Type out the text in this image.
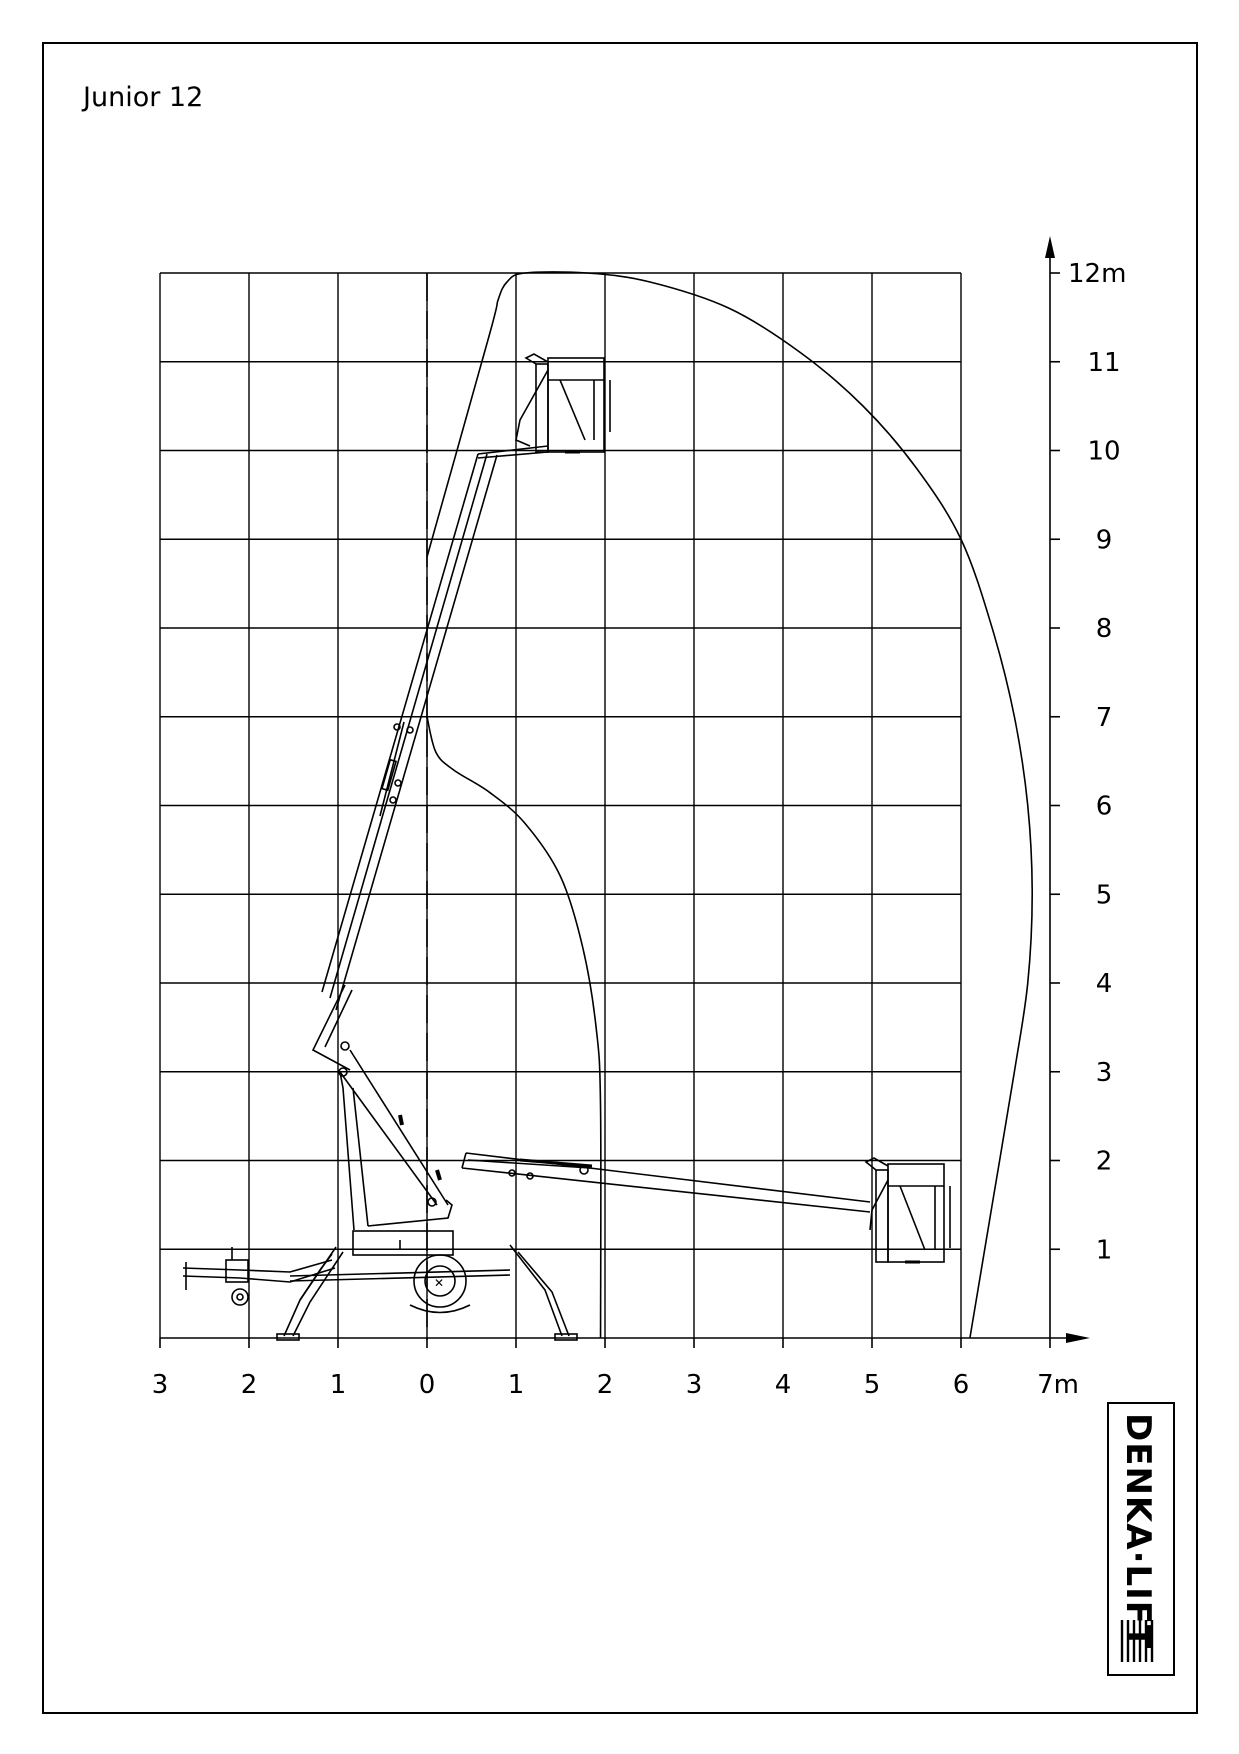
Junior 12
1
2
3
4
5
6
7
8
9
10
11
12m
3	2	1	0	1	2	3	4	5	6	7m
✕
DENKA·LIFT
